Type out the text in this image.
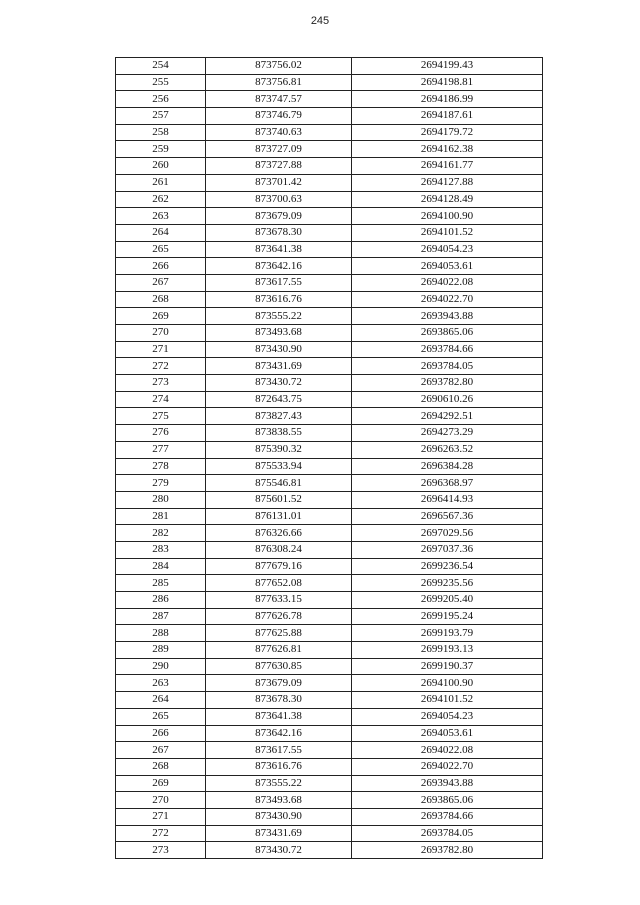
245
254	873756.02	2694199.43
255	873756.81	2694198.81
256	873747.57	2694186.99
257	873746.79	2694187.61
258	873740.63	2694179.72
259	873727.09	2694162.38
260	873727.88	2694161.77
261	873701.42	2694127.88
262	873700.63	2694128.49
263	873679.09	2694100.90
264	873678.30	2694101.52
265	873641.38	2694054.23
266	873642.16	2694053.61
267	873617.55	2694022.08
268	873616.76	2694022.70
269	873555.22	2693943.88
270	873493.68	2693865.06
271	873430.90	2693784.66
272	873431.69	2693784.05
273	873430.72	2693782.80
274	872643.75	2690610.26
275	873827.43	2694292.51
276	873838.55	2694273.29
277	875390.32	2696263.52
278	875533.94	2696384.28
279	875546.81	2696368.97
280	875601.52	2696414.93
281	876131.01	2696567.36
282	876326.66	2697029.56
283	876308.24	2697037.36
284	877679.16	2699236.54
285	877652.08	2699235.56
286	877633.15	2699205.40
287	877626.78	2699195.24
288	877625.88	2699193.79
289	877626.81	2699193.13
290	877630.85	2699190.37
263	873679.09	2694100.90
264	873678.30	2694101.52
265	873641.38	2694054.23
266	873642.16	2694053.61
267	873617.55	2694022.08
268	873616.76	2694022.70
269	873555.22	2693943.88
270	873493.68	2693865.06
271	873430.90	2693784.66
272	873431.69	2693784.05
273	873430.72	2693782.80
